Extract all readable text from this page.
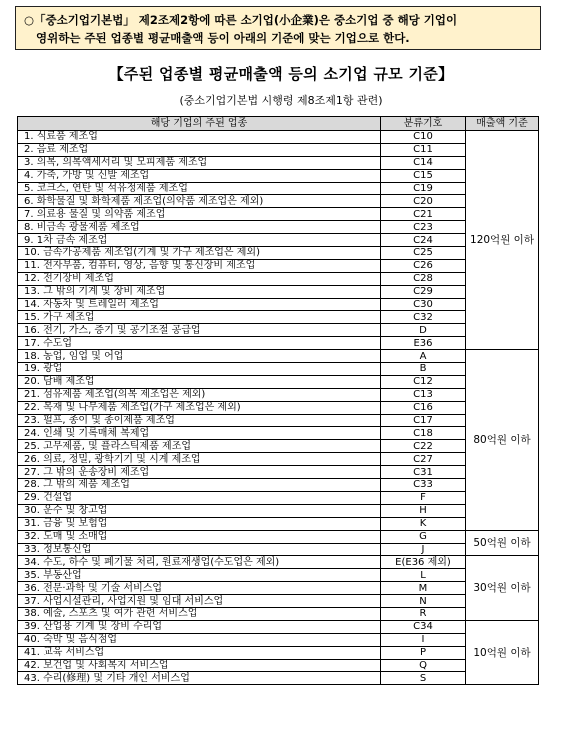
○「중소기업기본법」 제2조제2항에 따른 소기업(小企業)은 중소기업 중 해당 기업이
영위하는 주된 업종별 평균매출액 등이 아래의 기준에 맞는 기업으로 한다.
【주된 업종별 평균매출액 등의 소기업 규모 기준】
(중소기업기본법 시행령 제8조제1항 관련)
해당 기업의 주된 업종	분류기호	매출액 기준
1. 식료품 제조업	C10	120억원 이하
2. 음료 제조업	C11	
3. 의복, 의복액세서리 및 모피제품 제조업	C14	
4. 가죽, 가방 및 신발 제조업	C15	
5. 코크스, 연탄 및 석유정제품 제조업	C19	
6. 화학물질 및 화학제품 제조업(의약품 제조업은 제외)	C20	
7. 의료용 물질 및 의약품 제조업	C21	
8. 비금속 광물제품 제조업	C23	
9. 1차 금속 제조업	C24	
10. 금속가공제품 제조업(기계 및 가구 제조업은 제외)	C25	
11. 전자부품, 컴퓨터, 영상, 음향 및 통신장비 제조업	C26	
12. 전기장비 제조업	C28	
13. 그 밖의 기계 및 장비 제조업	C29	
14. 자동차 및 트레일러 제조업	C30	
15. 가구 제조업	C32	
16. 전기, 가스, 증기 및 공기조절 공급업	D	
17. 수도업	E36	
18. 농업, 임업 및 어업	A	80억원 이하
19. 광업	B	
20. 담배 제조업	C12	
21. 섬유제품 제조업(의복 제조업은 제외)	C13	
22. 목재 및 나무제품 제조업(가구 제조업은 제외)	C16	
23. 펄프, 종이 및 종이제품 제조업	C17	
24. 인쇄 및 기록매체 복제업	C18	
25. 고무제품, 및 플라스틱제품 제조업	C22	
26. 의료, 정밀, 광학기기 및 시계 제조업	C27	
27. 그 밖의 운송장비 제조업	C31	
28. 그 밖의 제품 제조업	C33	
29. 건설업	F	
30. 운수 및 창고업	H	
31. 금융 및 보험업	K	
32. 도매 및 소매업	G	50억원 이하
33. 정보통신업	J	
34. 수도, 하수 및 폐기물 처리, 원료재생업(수도업은 제외)	E(E36 제외)	30억원 이하
35. 부동산업	L	
36. 전문·과학 및 기술 서비스업	M	
37. 사업시설관리, 사업지원 및 임대 서비스업	N	
38. 예술, 스포츠 및 여가 관련 서비스업	R	
39. 산업용 기계 및 장비 수리업	C34	10억원 이하
40. 숙박 및 음식점업	I	
41. 교육 서비스업	P	
42. 보건업 및 사회복지 서비스업	Q	
43. 수리(修理) 및 기타 개인 서비스업	S	
